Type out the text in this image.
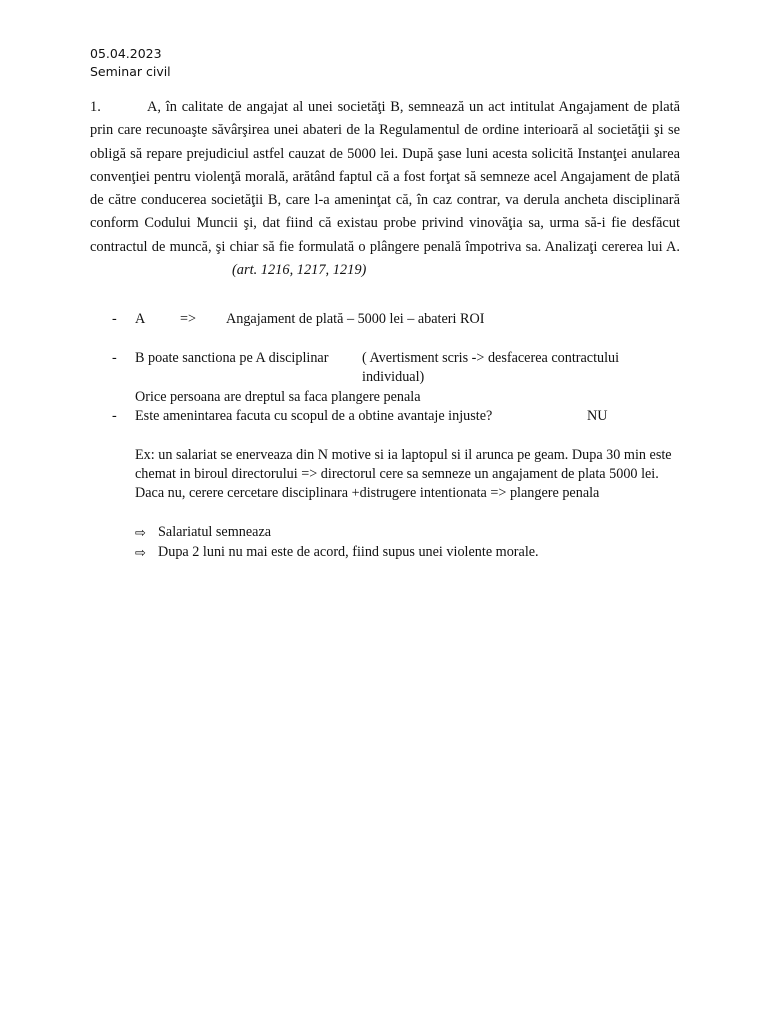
05.04.2023
Seminar civil
1.	A, în calitate de angajat al unei societăţi B, semnează un act intitulat Angajament de plată prin care recunoaşte săvârşirea unei abateri de la Regulamentul de ordine interioară al societăţii şi se obligă să repare prejudiciul astfel cauzat de 5000 lei. După şase luni acesta solicită Instanţei anularea convenţiei pentru violenţă morală, arătând faptul că a fost forţat să semneze acel Angajament de plată de către conducerea societăţii B, care l-a ameninţat că, în caz contrar, va derula ancheta disciplinară conform Codului Muncii şi, dat fiind că existau probe privind vinovăţia sa, urma să-i fie desfăcut contractul de muncă, şi chiar să fie formulată o plângere penală împotriva sa. Analizaţi cererea lui A.(art. 1216, 1217, 1219)
- A => Angajament de plată – 5000 lei – abateri ROI
- B poate sanctiona pe A disciplinar ( Avertisment scris -> desfacerea contractului individual)
Orice persoana are dreptul sa faca plangere penala
- Este amenintarea facuta cu scopul de a obtine avantaje injuste?	NU
Ex: un salariat se enerveaza din N motive si ia laptopul si il arunca pe geam. Dupa 30 min este chemat in biroul directorului => directorul cere sa semneze un angajament de plata 5000 lei. Daca nu, cerere cercetare disciplinara +distrugere intentionata => plangere penala
⇨ Salariatul semneaza
⇨ Dupa 2 luni nu mai este de acord, fiind supus unei violente morale.
